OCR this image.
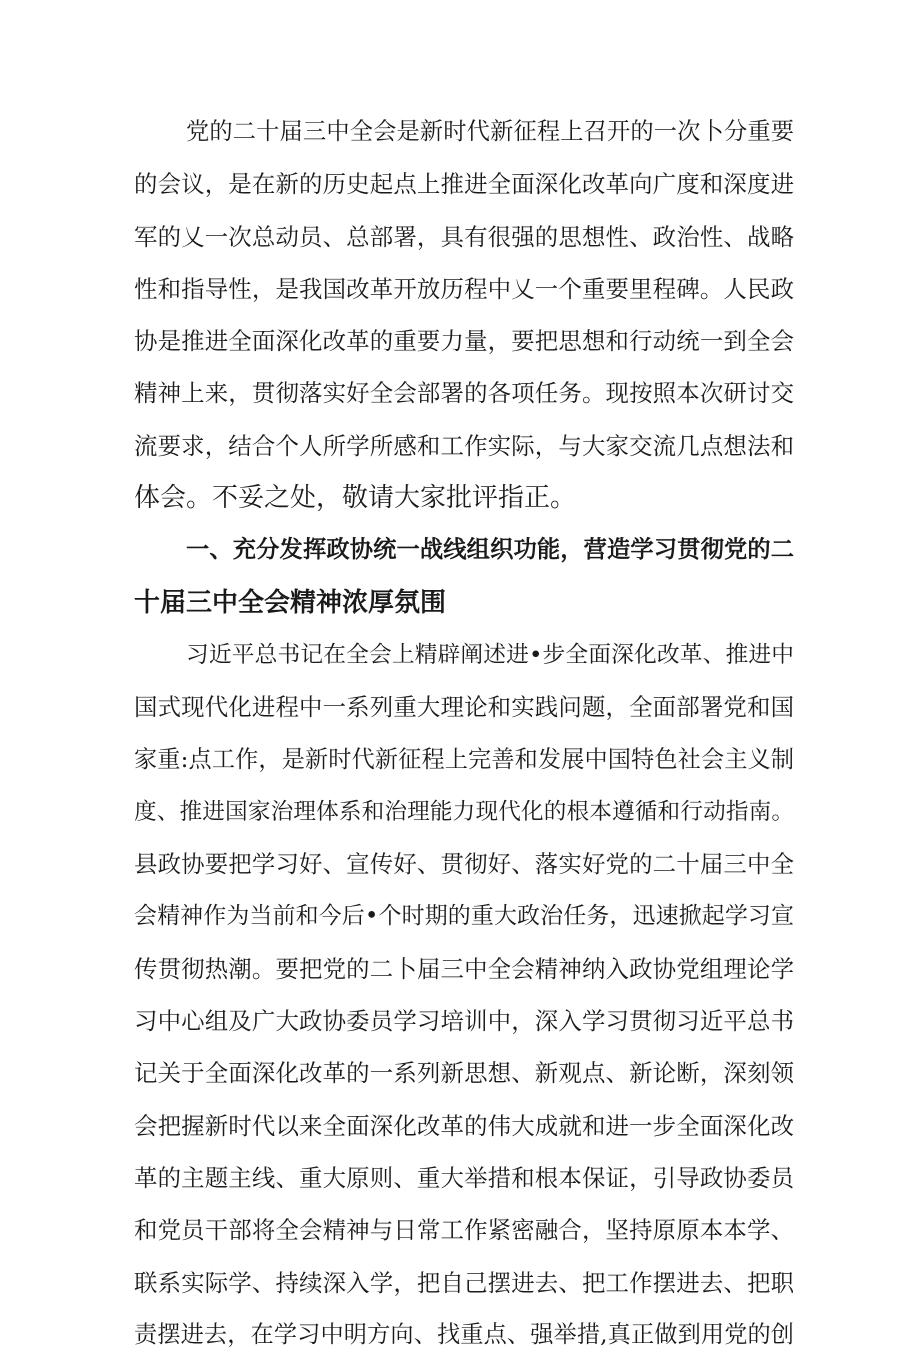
党的二十届三中全会是新时代新征程上召开的一次卜分重要
的会议，是在新的历史起点上推进全面深化改革向广度和深度进
军的乂一次总动员、总部署，具有很强的思想性、政治性、战略
性和指导性，是我国改革开放历程中乂一个重要里程碑。人民政
协是推进全面深化改革的重要力量，要把思想和行动统一到全会
精神上来，贯彻落实好全会部署的各项任务。现按照本次研讨交
流要求，结合个人所学所感和工作实际，与大家交流几点想法和
体会。不妥之处，敬请大家批评指正。
一、充分发挥政协统一战线组织功能，营造学习贯彻党的二
十届三中全会精神浓厚氛围
习近平总书记在全会上精辟阐述进•步全面深化改革、推进中
国式现代化进程中一系列重大理论和实践问题，全面部署党和国
家重:点工作，是新时代新征程上完善和发展中国特色社会主义制
度、推进国家治理体系和治理能力现代化的根本遵循和行动指南。
县政协要把学习好、宣传好、贯彻好、落实好党的二十届三中全
会精神作为当前和今后•个时期的重大政治任务，迅速掀起学习宣
传贯彻热潮。要把党的二卜届三中全会精神纳入政协党组理论学
习中心组及广大政协委员学习培训中，深入学习贯彻习近平总书
记关于全面深化改革的一系列新思想、新观点、新论断，深刻领
会把握新时代以来全面深化改革的伟大成就和进一步全面深化改
革的主题主线、重大原则、重大举措和根本保证，引导政协委员
和党员干部将全会精神与日常工作紧密融合，坚持原原本本学、
联系实际学、持续深入学，把自己摆进去、把工作摆进去、把职
责摆进去，在学习中明方向、找重点、强举措,真正做到用党的创
